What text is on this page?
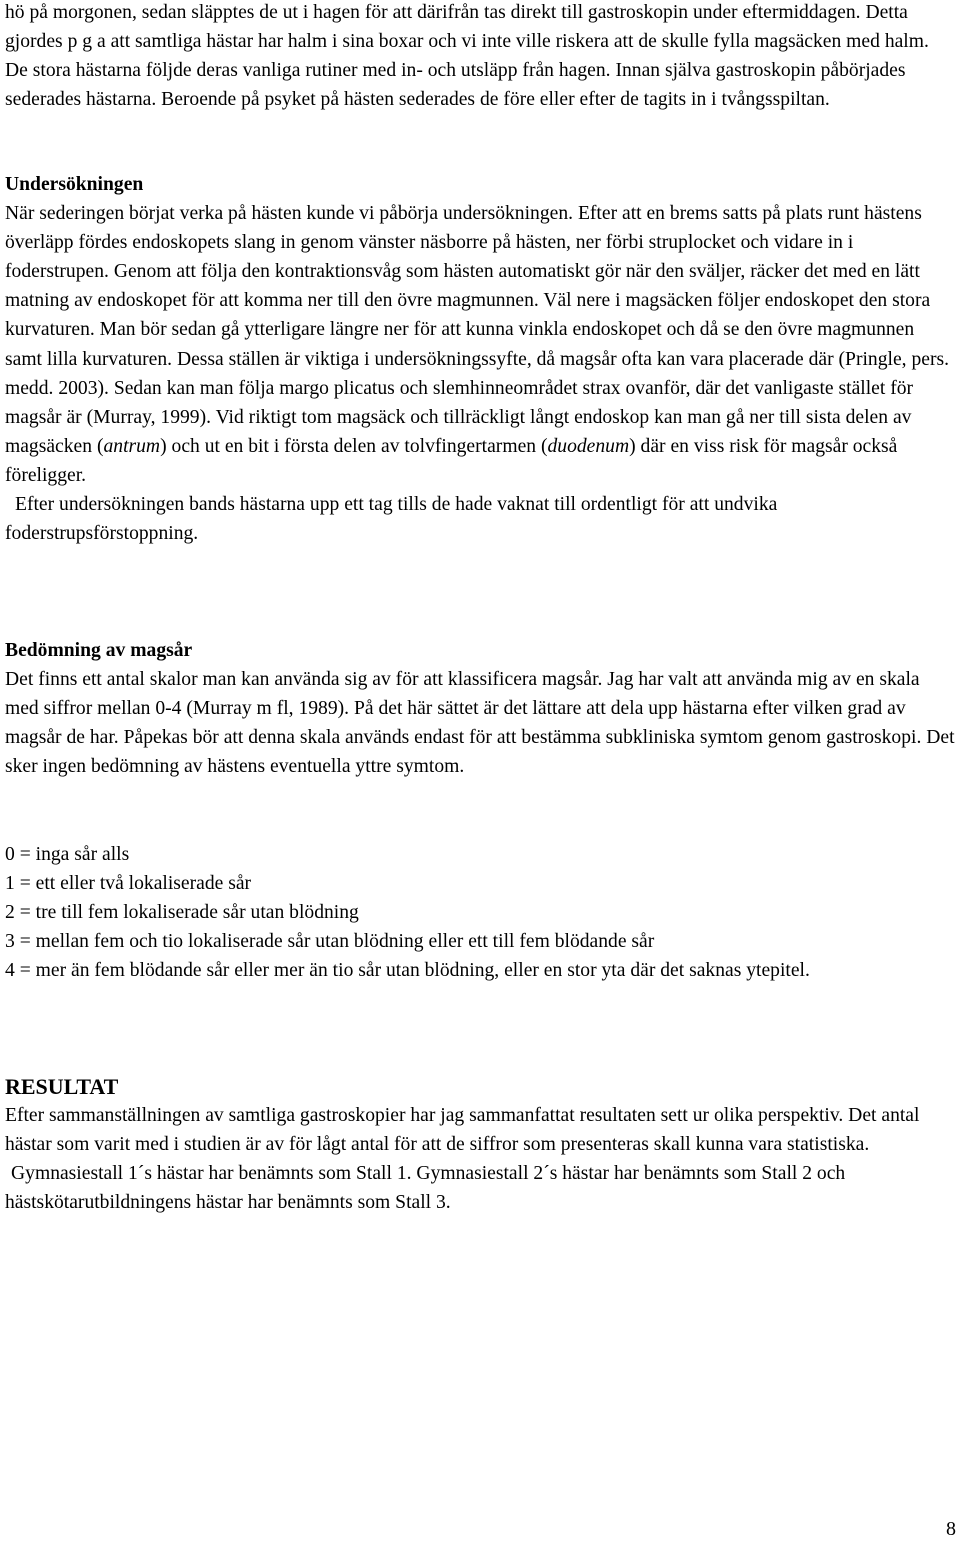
hö på morgonen, sedan släpptes de ut i hagen för att därifrån tas direkt till gastroskopin under eftermiddagen. Detta gjordes p g a att samtliga hästar har halm i sina boxar och vi inte ville riskera att de skulle fylla magsäcken med halm. De stora hästarna följde deras vanliga rutiner med in- och utsläpp från hagen. Innan själva gastroskopin påbörjades sederades hästarna. Beroende på psyket på hästen sederades de före eller efter de tagits in i tvångsspiltan.

Undersökningen
När sederingen börjat verka på hästen kunde vi påbörja undersökningen. Efter att en brems satts på plats runt hästens överläpp fördes endoskopets slang in genom vänster näsborre på hästen, ner förbi struplocket och vidare in i foderstrupen. Genom att följa den kontraktionsvåg som hästen automatiskt gör när den sväljer, räcker det med en lätt matning av endoskopet för att komma ner till den övre magmunnen. Väl nere i magsäcken följer endoskopet den stora kurvaturen. Man bör sedan gå ytterligare längre ner för att kunna vinkla endoskopet och då se den övre magmunnen samt lilla kurvaturen. Dessa ställen är viktiga i undersökningssyfte, då magsår ofta kan vara placerade där (Pringle, pers. medd. 2003). Sedan kan man följa margo plicatus och slemhinneområdet strax ovanför, där det vanligaste stället för magsår är (Murray, 1999). Vid riktigt tom magsäck och tillräckligt långt endoskop kan man gå ner till sista delen av magsäcken (antrum) och ut en bit i första delen av tolvfingertarmen (duodenum) där en viss risk för magsår också föreligger.
Efter undersökningen bands hästarna upp ett tag tills de hade vaknat till ordentligt för att undvika foderstrupsförstoppning.
Bedömning av magsår
Det finns ett antal skalor man kan använda sig av för att klassificera magsår. Jag har valt att använda mig av en skala med siffror mellan 0-4 (Murray m fl, 1989). På det här sättet är det lättare att dela upp hästarna efter vilken grad av magsår de har. Påpekas bör att denna skala används endast för att bestämma subkliniska symtom genom gastroskopi. Det sker ingen bedömning av hästens eventuella yttre symtom.
0 = inga sår alls
1 = ett eller två lokaliserade sår
2 = tre till fem lokaliserade sår utan blödning
3 = mellan fem och tio lokaliserade sår utan blödning eller ett till fem blödande sår
4 = mer än fem blödande sår eller mer än tio sår utan blödning, eller en stor yta där det saknas ytepitel.
RESULTAT
Efter sammanställningen av samtliga gastroskopier har jag sammanfattat resultaten sett ur olika perspektiv. Det antal hästar som varit med i studien är av för lågt antal för att de siffror som presenteras skall kunna vara statistiska.
Gymnasiestall 1´s hästar har benämnts som Stall 1. Gymnasiestall 2´s hästar har benämnts som Stall 2 och hästskötarutbildningens hästar har benämnts som Stall 3.
8
